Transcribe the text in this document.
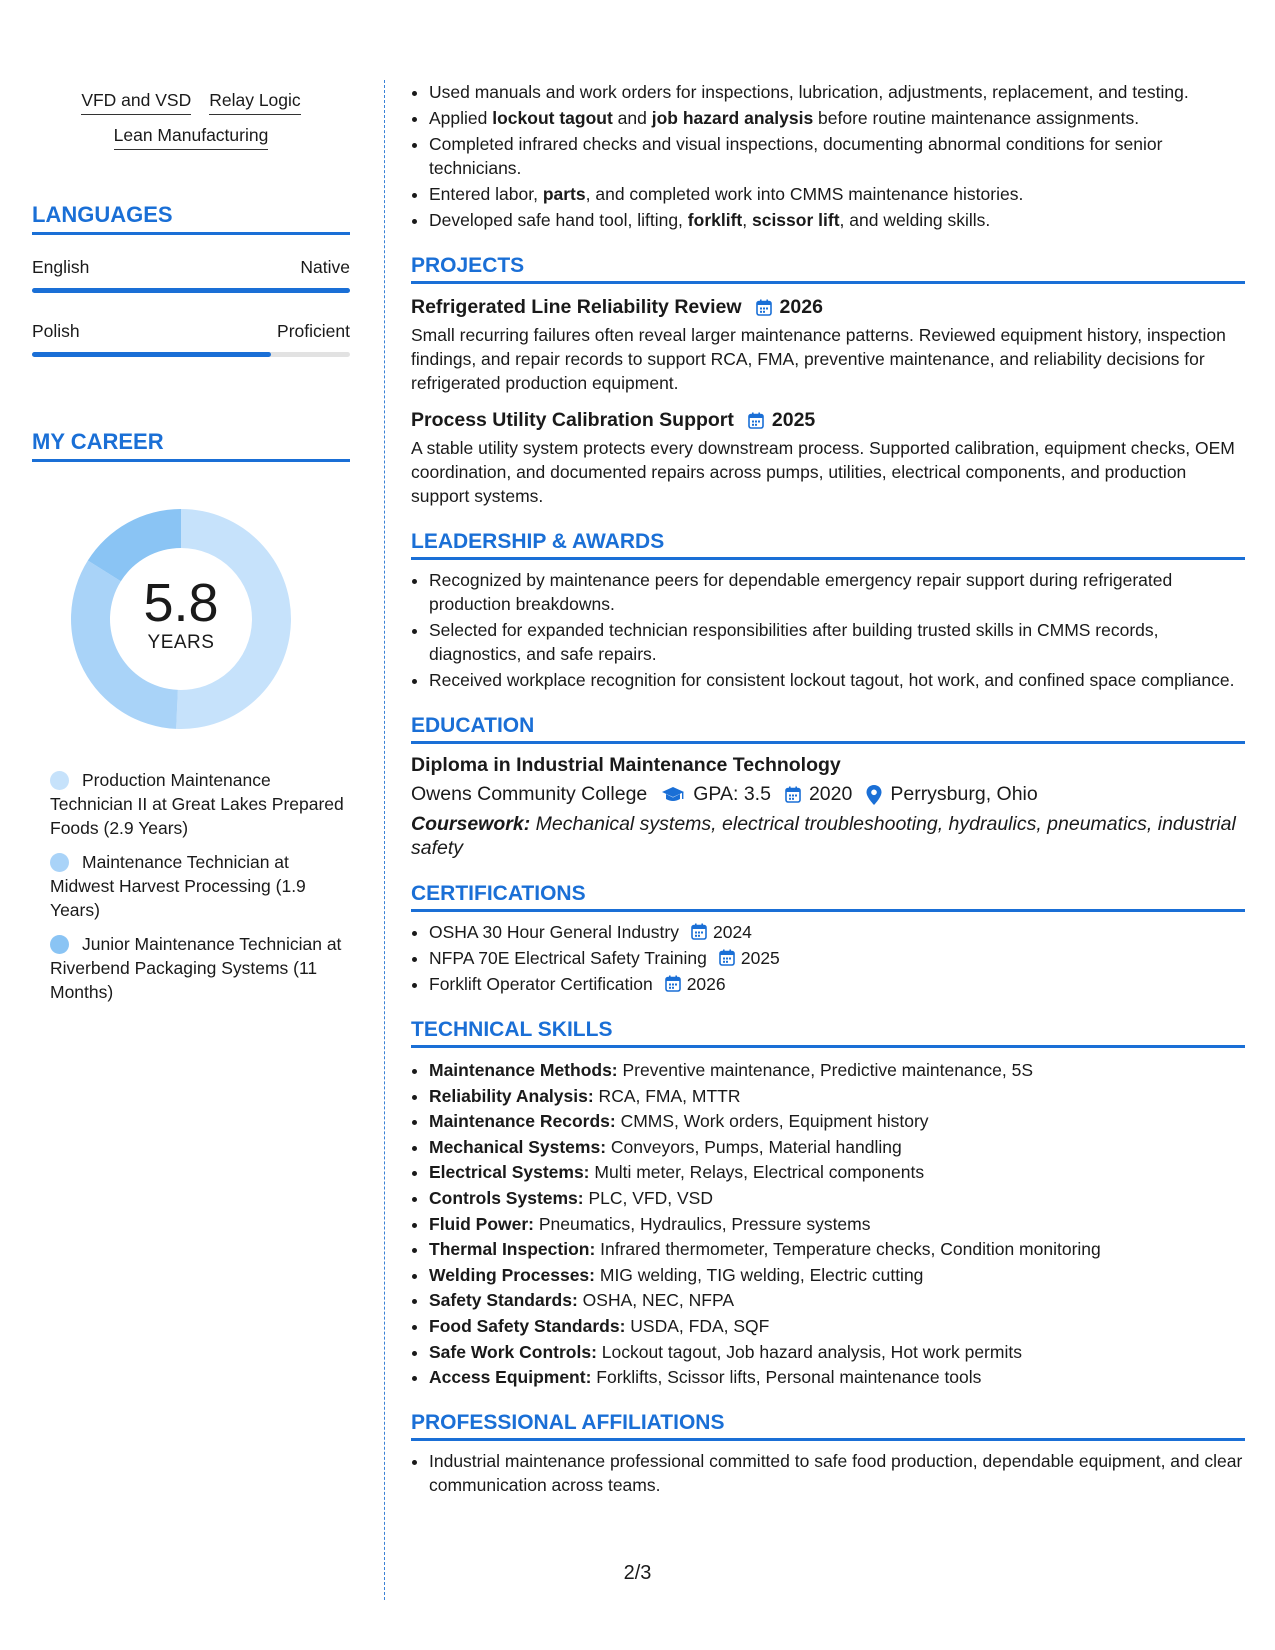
VFD and VSD Relay Logic
Lean Manufacturing
LANGUAGES
English	Native
Polish	Proficient
MY CAREER
5.8
YEARS
Production Maintenance Technician II at Great Lakes Prepared Foods (2.9 Years)
Maintenance Technician at Midwest Harvest Processing (1.9 Years)
Junior Maintenance Technician at Riverbend Packaging Systems (11 Months)
• Used manuals and work orders for inspections, lubrication, adjustments, replacement, and testing.
• Applied lockout tagout and job hazard analysis before routine maintenance assignments.
• Completed infrared checks and visual inspections, documenting abnormal conditions for senior technicians.
• Entered labor, parts, and completed work into CMMS maintenance histories.
• Developed safe hand tool, lifting, forklift, scissor lift, and welding skills.
PROJECTS
Refrigerated Line Reliability Review 2026
Small recurring failures often reveal larger maintenance patterns. Reviewed equipment history, inspection findings, and repair records to support RCA, FMA, preventive maintenance, and reliability decisions for refrigerated production equipment.
Process Utility Calibration Support 2025
A stable utility system protects every downstream process. Supported calibration, equipment checks, OEM coordination, and documented repairs across pumps, utilities, electrical components, and production support systems.
LEADERSHIP & AWARDS
• Recognized by maintenance peers for dependable emergency repair support during refrigerated production breakdowns.
• Selected for expanded technician responsibilities after building trusted skills in CMMS records, diagnostics, and safe repairs.
• Received workplace recognition for consistent lockout tagout, hot work, and confined space compliance.
EDUCATION
Diploma in Industrial Maintenance Technology
Owens Community College GPA: 3.5 2020 Perrysburg, Ohio
Coursework: Mechanical systems, electrical troubleshooting, hydraulics, pneumatics, industrial safety
CERTIFICATIONS
• OSHA 30 Hour General Industry 2024
• NFPA 70E Electrical Safety Training 2025
• Forklift Operator Certification 2026
TECHNICAL SKILLS
• Maintenance Methods: Preventive maintenance, Predictive maintenance, 5S
• Reliability Analysis: RCA, FMA, MTTR
• Maintenance Records: CMMS, Work orders, Equipment history
• Mechanical Systems: Conveyors, Pumps, Material handling
• Electrical Systems: Multi meter, Relays, Electrical components
• Controls Systems: PLC, VFD, VSD
• Fluid Power: Pneumatics, Hydraulics, Pressure systems
• Thermal Inspection: Infrared thermometer, Temperature checks, Condition monitoring
• Welding Processes: MIG welding, TIG welding, Electric cutting
• Safety Standards: OSHA, NEC, NFPA
• Food Safety Standards: USDA, FDA, SQF
• Safe Work Controls: Lockout tagout, Job hazard analysis, Hot work permits
• Access Equipment: Forklifts, Scissor lifts, Personal maintenance tools
PROFESSIONAL AFFILIATIONS
• Industrial maintenance professional committed to safe food production, dependable equipment, and clear communication across teams.
2/3
